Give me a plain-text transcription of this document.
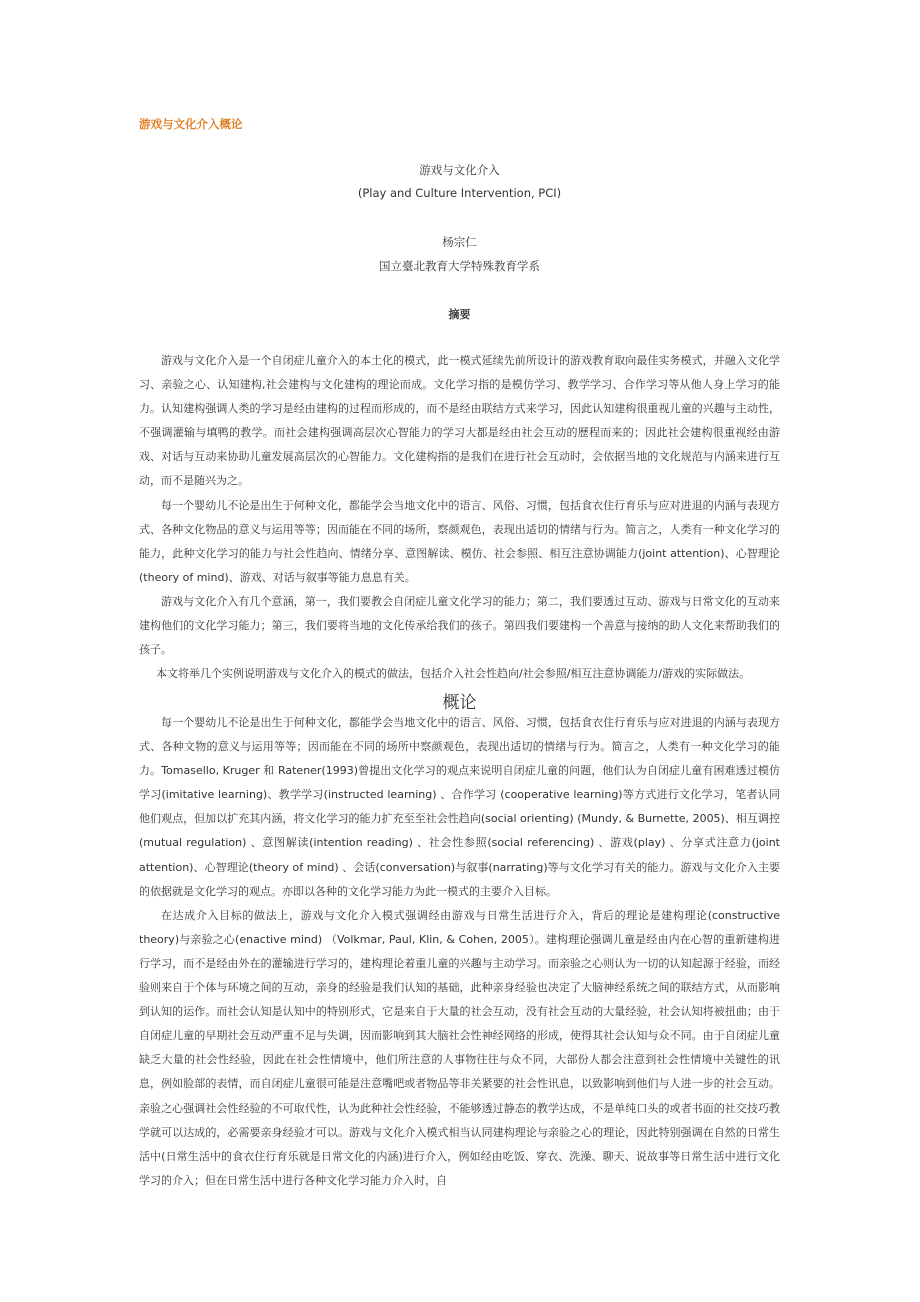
游戏与文化介入概论
游戏与文化介入
(Play and Culture Intervention, PCI)
杨宗仁
国立臺北教育大学特殊教育学系
摘要

游戏与文化介入是一个自闭症儿童介入的本土化的模式，此一模式延续先前所设计的游戏教育取向最佳实务模式，并融入文化学习、亲验之心、认知建构,社会建构与文化建构的理论而成。文化学习指的是模仿学习、教学学习、合作学习等从他人身上学习的能力。认知建构强调人类的学习是经由建构的过程而形成的，而不是经由联结方式来学习，因此认知建构很重视儿童的兴趣与主动性，不强调灌输与填鸭的教学。而社会建构强调高层次心智能力的学习大都是经由社会互动的歷程而来的；因此社会建构很重视经由游戏、对话与互动来协助儿童发展高层次的心智能力。文化建构指的是我们在进行社会互动时，会依据当地的文化规范与内涵来进行互动，而不是随兴为之。

每一个婴幼儿不论是出生于何种文化，都能学会当地文化中的语言、风俗、习惯，包括食衣住行育乐与应对进退的内涵与表现方式、各种文化物品的意义与运用等等；因而能在不同的场所，察颜观色，表现出适切的情绪与行为。简言之，人类有一种文化学习的能力，此种文化学习的能力与社会性趋向、情绪分享、意图解读、模仿、社会参照、相互注意协调能力(joint attention)、心智理论(theory of mind)、游戏、对话与叙事等能力息息有关。

游戏与文化介入有几个意涵，第一，我们要教会自闭症儿童文化学习的能力；第二，我们要透过互动、游戏与日常文化的互动来建构他们的文化学习能力；第三，我们要将当地的文化传承给我们的孩子。第四我们要建构一个善意与接纳的助人文化来帮助我们的孩子。

本文将举几个实例说明游戏与文化介入的模式的做法，包括介入社会性趋向/社会参照/相互注意协调能力/游戏的实际做法。

概论

每一个婴幼儿不论是出生于何种文化，都能学会当地文化中的语言、风俗、习惯，包括食衣住行育乐与应对进退的内涵与表现方式、各种文物的意义与运用等等；因而能在不同的场所中察颜观色，表现出适切的情绪与行为。简言之，人类有一种文化学习的能力。Tomasello, Kruger 和 Ratener(1993)曾提出文化学习的观点来说明自闭症儿童的问题，他们认为自闭症儿童有困难透过模仿学习(imitative learning)、教学学习(instructed learning) 、合作学习 (cooperative learning)等方式进行文化学习，笔者认同他们观点，但加以扩充其内涵，将文化学习的能力扩充至至社会性趋向(social orienting) (Mundy, & Burnette, 2005)、相互调控(mutual regulation) 、意图解读(intention reading) 、社会性参照(social referencing) 、游戏(play) 、分享式注意力(joint attention)、心智理论(theory of mind) 、会话(conversation)与叙事(narrating)等与文化学习有关的能力。游戏与文化介入主要的依据就是文化学习的观点。亦即以各种的文化学习能力为此一模式的主要介入目标。

在达成介入目标的做法上，游戏与文化介入模式强调经由游戏与日常生活进行介入，背后的理论是建构理论(constructive theory)与亲验之心(enactive mind) （Volkmar, Paul, Klin, & Cohen, 2005）。建构理论强调儿童是经由内在心智的重新建构进行学习，而不是经由外在的灌输进行学习的，建构理论着重儿童的兴趣与主动学习。而亲验之心则认为一切的认知起源于经验，而经验则来自于个体与环境之间的互动，亲身的经验是我们认知的基础，此种亲身经验也决定了大脑神经系统之间的联结方式，从而影响到认知的运作。而社会认知是认知中的特别形式，它是来自于大量的社会互动，没有社会互动的大量经验，社会认知将被扭曲；由于自闭症儿童的早期社会互动严重不足与失调，因而影响到其大脑社会性神经网络的形成，使得其社会认知与众不同。由于自闭症儿童缺乏大量的社会性经验，因此在社会性情境中，他们所注意的人事物往往与众不同，大部份人都会注意到社会性情境中关键性的讯息，例如脸部的表情，而自闭症儿童很可能是注意嘴吧或者物品等非关紧要的社会性讯息，以致影响到他们与人进一步的社会互动。亲验之心强调社会性经验的不可取代性，认为此种社会性经验，不能够透过静态的教学达成，不是单纯口头的或者书面的社交技巧教学就可以达成的，必需要亲身经验才可以。游戏与文化介入模式相当认同建构理论与亲验之心的理论，因此特别强调在自然的日常生活中(日常生活中的食衣住行育乐就是日常文化的内涵)进行介入，例如经由吃饭、穿衣、洗澡、聊天、说故事等日常生活中进行文化学习的介入；但在日常生活中进行各种文化学习能力介入时，自
